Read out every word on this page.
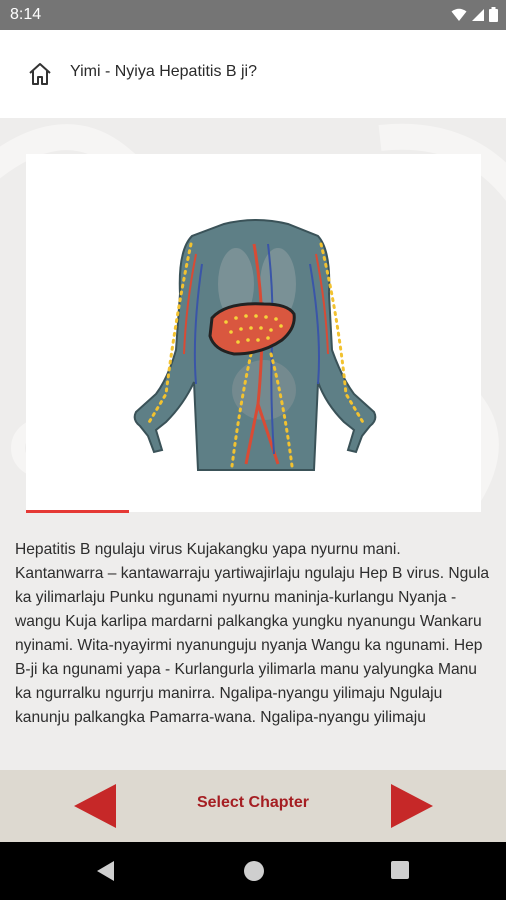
8:14
Yimi - Nyiya Hepatitis B ji?
Hepatitis B ngulaju virus Kujakangku yapa nyurnu mani. Kantanwarra – kantawarraju yartiwajirlaju ngulaju Hep B virus. Ngula ka yilimarlaju Punku ngunami nyurnu maninja-kurlangu Nyanja - wangu Kuja karlipa mardarni palkangka yungku nyanungu Wankaru nyinami. Wita-nyayirmi nyanunguju nyanja Wangu ka ngunami. Hep B-ji ka ngunami yapa - Kurlangurla yilimarla manu yalyungka Manu ka ngurralku ngurrju manirra. Ngalipa-nyangu yilimaju Ngulaju kanunju palkangka Pamarra-wana. Ngalipa-nyangu yilimaju
Select Chapter
